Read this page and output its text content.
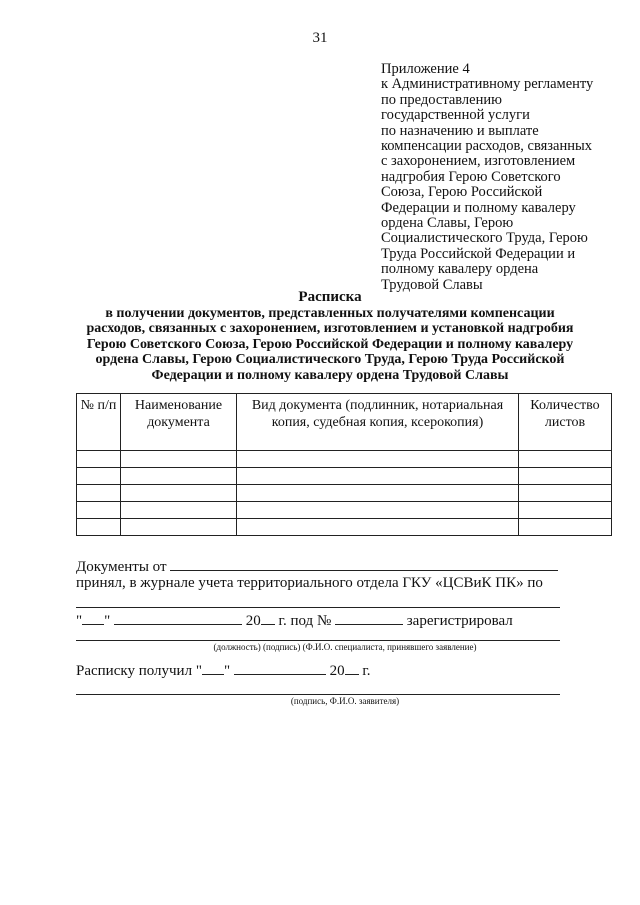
31
Приложение 4
к Административному регламенту
по предоставлению
государственной услуги
по назначению и выплате
компенсации расходов, связанных
с захоронением, изготовлением
надгробия Герою Советского
Союза, Герою Российской
Федерации и полному кавалеру
ордена Славы, Герою
Социалистического Труда, Герою
Труда Российской Федерации и
полному кавалеру ордена
Трудовой Славы
Расписка
в получении документов, представленных получателями компенсации
расходов, связанных с захоронением, изготовлением и установкой надгробия
Герою Советского Союза, Герою Российской Федерации и полному кавалеру
ордена Славы, Герою Социалистического Труда, Герою Труда Российской
Федерации и полному кавалеру ордена Трудовой Славы
№ п/п	Наименование документа	Вид документа (подлинник, нотариальная копия, судебная копия, ксерокопия)	Количество листов

Документы от
принял, в журнале учета территориального отдела ГКУ «ЦСВиК ПК» по
" "	20 г. под №	зарегистрировал
(должность) (подпись) (Ф.И.О. специалиста, принявшего заявление)
Расписку получил " "	20 г.
(подпись, Ф.И.О. заявителя)
